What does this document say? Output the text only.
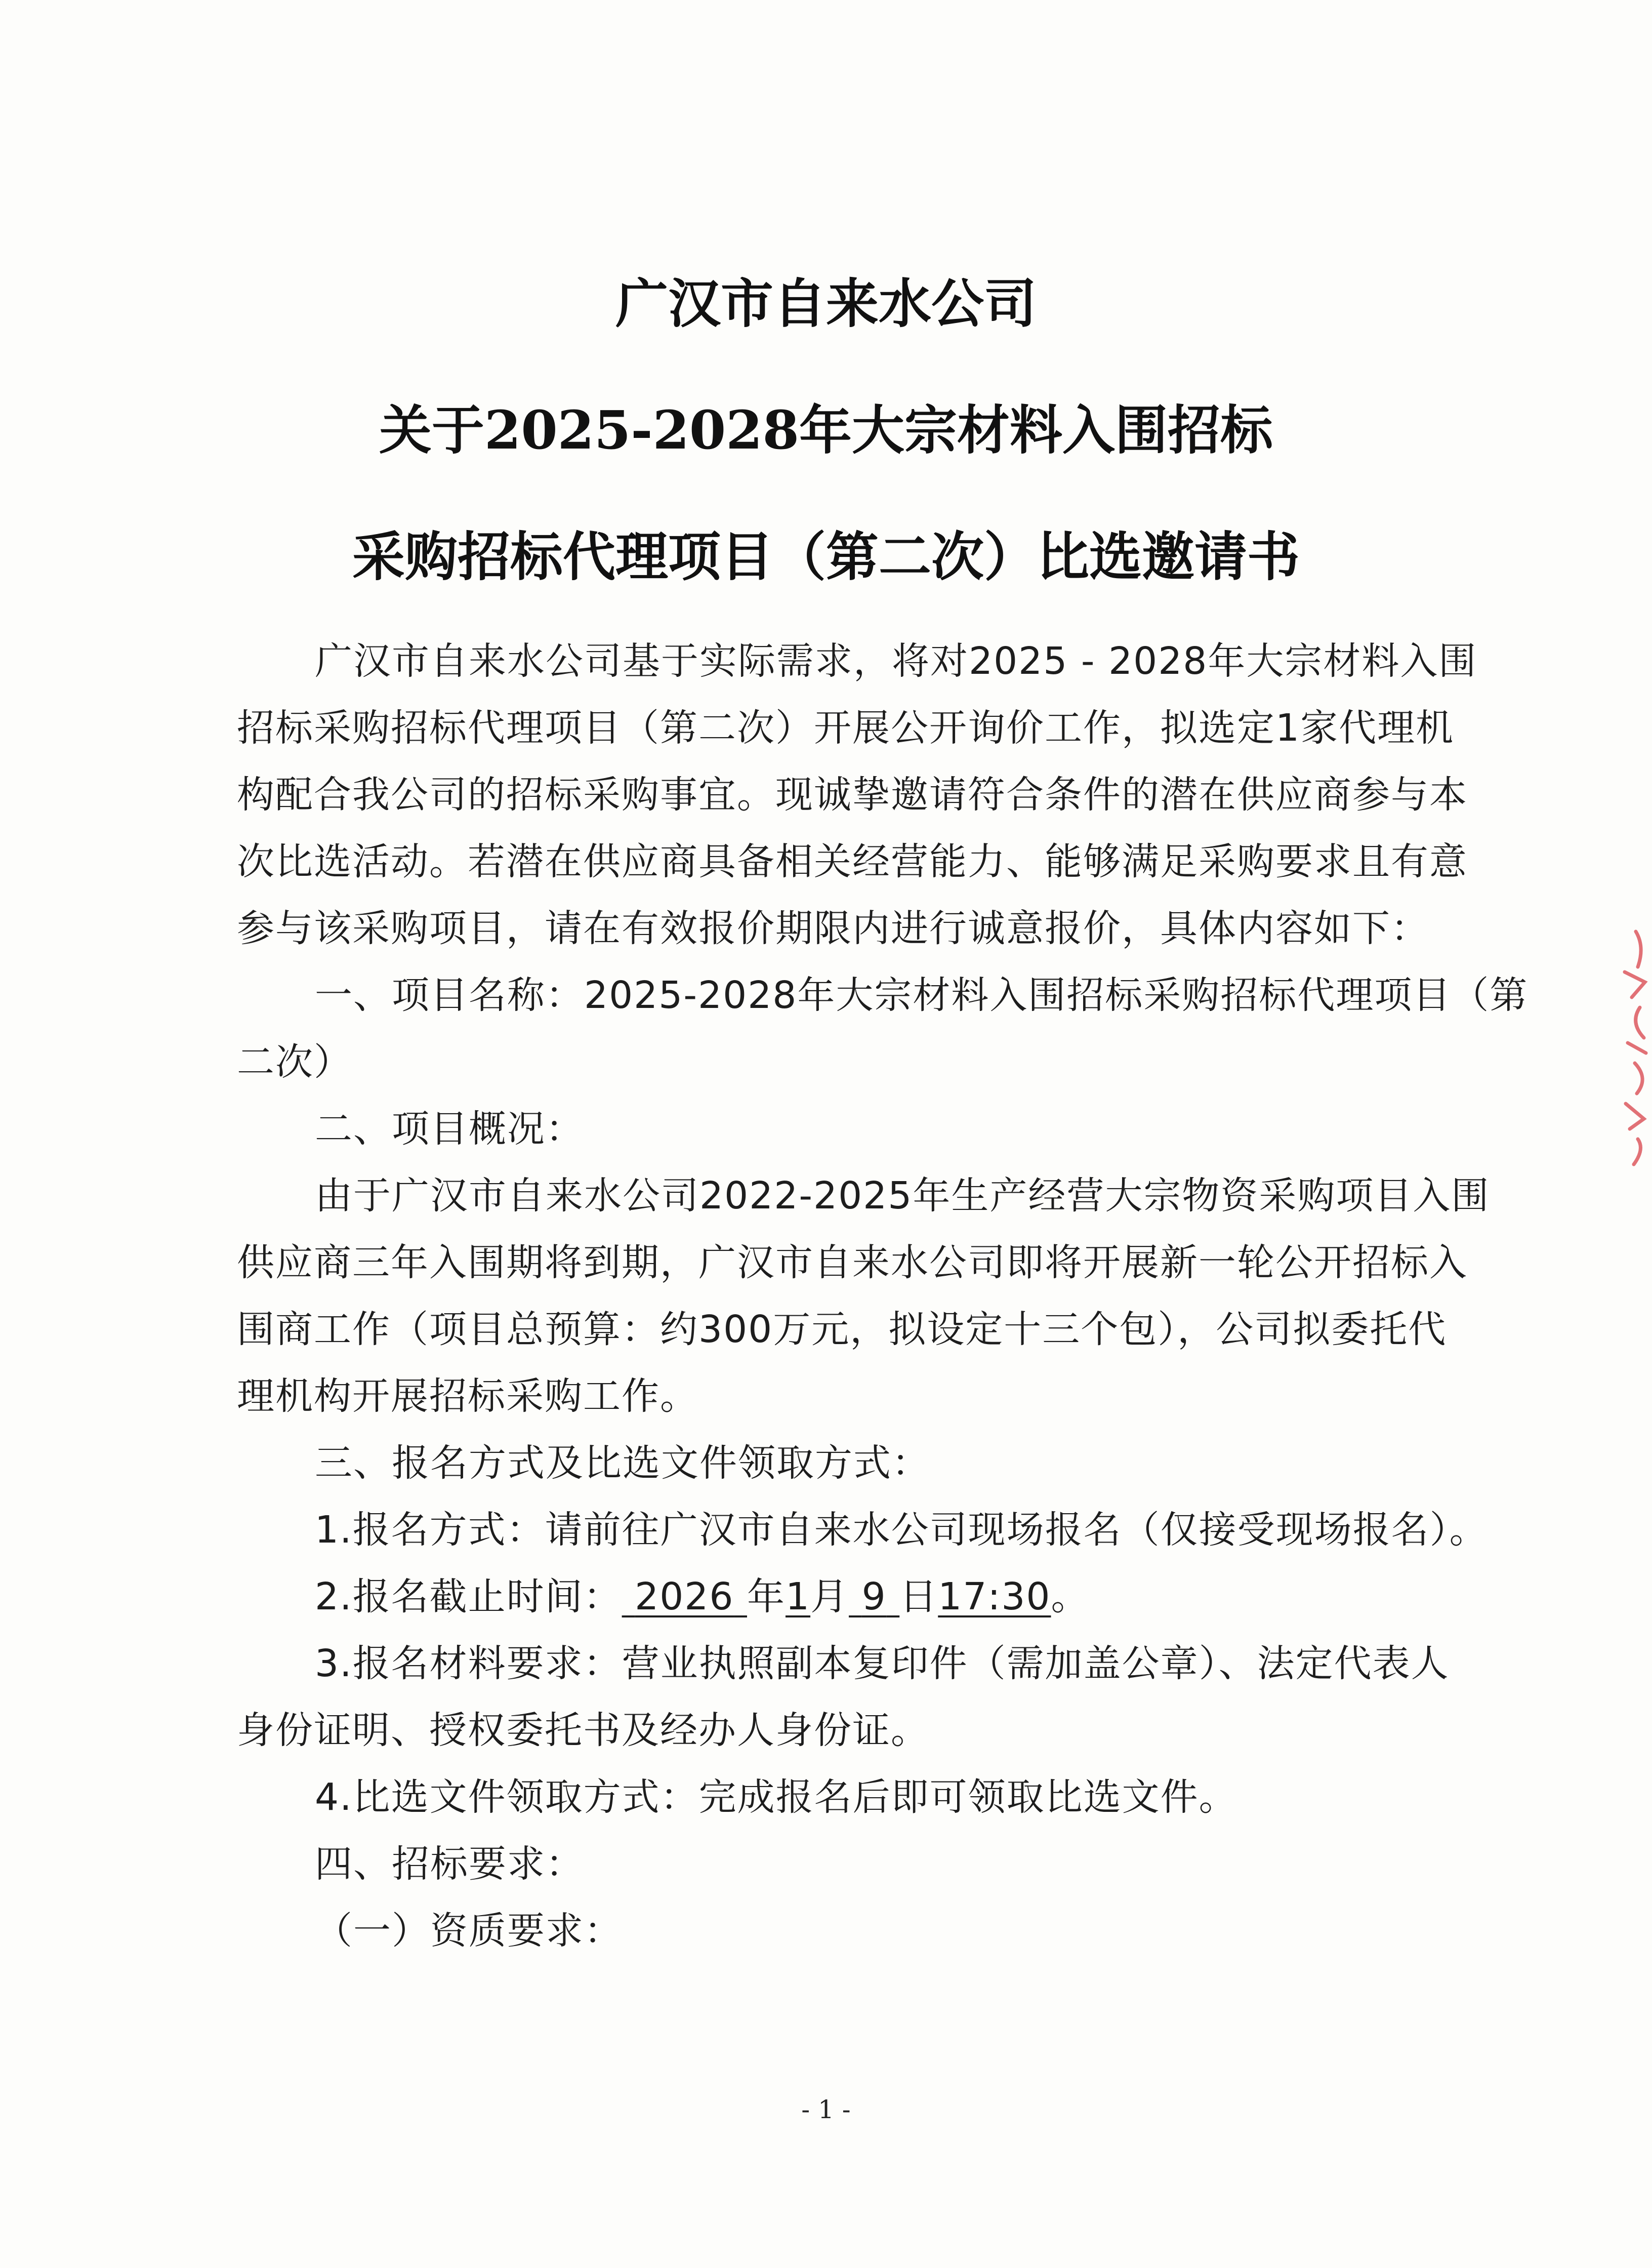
广汉市自来水公司
关于2025-2028年大宗材料入围招标
采购招标代理项目（第二次）比选邀请书
广汉市自来水公司基于实际需求，将对2025 - 2028年大宗材料入围
招标采购招标代理项目（第二次）开展公开询价工作，拟选定1家代理机
构配合我公司的招标采购事宜。现诚挚邀请符合条件的潜在供应商参与本
次比选活动。若潜在供应商具备相关经营能力、能够满足采购要求且有意
参与该采购项目，请在有效报价期限内进行诚意报价，具体内容如下：
一、项目名称：2025-2028年大宗材料入围招标采购招标代理项目（第
二次）
二、项目概况：
由于广汉市自来水公司2022-2025年生产经营大宗物资采购项目入围
供应商三年入围期将到期，广汉市自来水公司即将开展新一轮公开招标入
围商工作（项目总预算：约300万元，拟设定十三个包），公司拟委托代
理机构开展招标采购工作。
三、报名方式及比选文件领取方式：
1.报名方式：请前往广汉市自来水公司现场报名（仅接受现场报名）。
2.报名截止时间： 2026 年1月 9 日17:30。
3.报名材料要求：营业执照副本复印件（需加盖公章）、法定代表人
身份证明、授权委托书及经办人身份证。
4.比选文件领取方式：完成报名后即可领取比选文件。
四、招标要求：
（一）资质要求：
- 1 -
